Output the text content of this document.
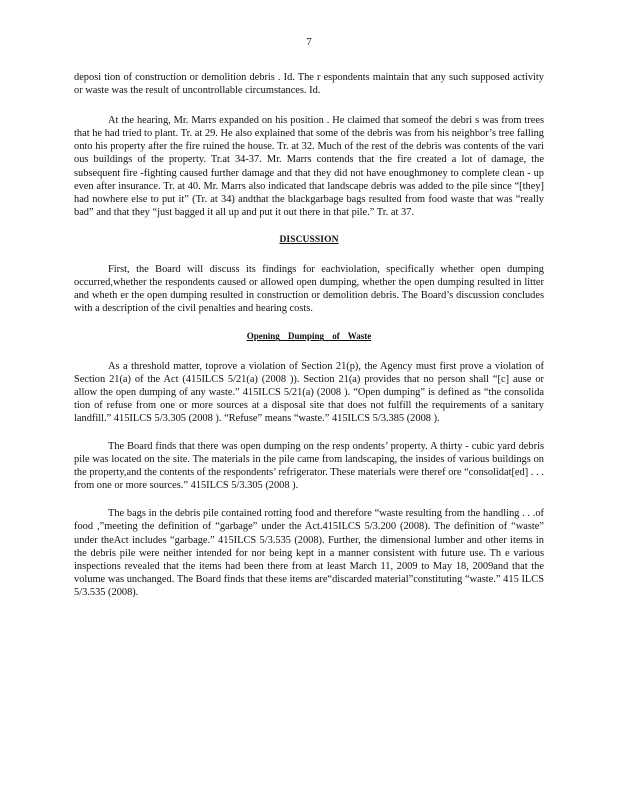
7

deposi tion of construction or demolition debris . Id. The r espondents maintain that any such supposed activity or waste was the result of uncontrollable circumstances. Id.

At the hearing, Mr. Marrs expanded on his position . He claimed that someof the debri s was from trees that he had tried to plant. Tr. at 29. He also explained that some of the debris was from his neighbor’s tree falling onto his property after the fire ruined the house. Tr. at 32. Much of the rest of the debris was contents of the vari ous buildings of the property. Tr.at 34-37. Mr. Marrs contends that the fire created a lot of damage, the subsequent fire -fighting caused further damage and that they did not have enoughmoney to complete clean - up even after insurance. Tr. at 40. Mr. Marrs also indicated that landscape debris was added to the pile since “[they] had nowhere else to put it” (Tr. at 34) andthat the blackgarbage bags resulted from food waste that was “really bad” and that they “just bagged it all up and put it out there in that pile.” Tr. at 37.

DISCUSSION

First, the Board will discuss its findings for eachviolation, specifically whether open dumping occurred,whether the respondents caused or allowed open dumping, whether the open dumping resulted in litter and wheth er the open dumping resulted in construction or demolition debris. The Board’s discussion concludes with a description of the civil penalties and hearing costs.

Opening Dumping of Waste

As a threshold matter, toprove a violation of Section 21(p), the Agency must first prove a violation of Section 21(a) of the Act (415ILCS 5/21(a) (2008 )). Section 21(a) provides that no person shall “[c] ause or allow the open dumping of any waste.” 415ILCS 5/21(a) (2008 ). “Open dumping” is defined as “the consolida tion of refuse from one or more sources at a disposal site that does not fulfill the requirements of a sanitary landfill.” 415ILCS 5/3.305 (2008 ). “Refuse” means “waste.” 415ILCS 5/3.385 (2008 ).

The Board finds that there was open dumping on the resp ondents’ property. A thirty - cubic yard debris pile was located on the site. The materials in the pile came from landscaping, the insides of various buildings on the property,and the contents of the respondents’ refrigerator. These materials were theref ore “consolidat[ed] . . . from one or more sources.” 415ILCS 5/3.305 (2008 ).

The bags in the debris pile contained rotting food and therefore “waste resulting from the handling . . .of food ,”meeting the definition of “garbage” under the Act.415ILCS 5/3.200 (2008). The definition of “waste” under theAct includes “garbage.” 415ILCS 5/3.535 (2008). Further, the dimensional lumber and other items in the debris pile were neither intended for nor being kept in a manner consistent with future use. Th e various inspections revealed that the items had been there from at least March 11, 2009 to May 18, 2009and that the volume was unchanged. The Board finds that these items are“discarded material”constituting “waste.” 415 ILCS 5/3.535 (2008).
